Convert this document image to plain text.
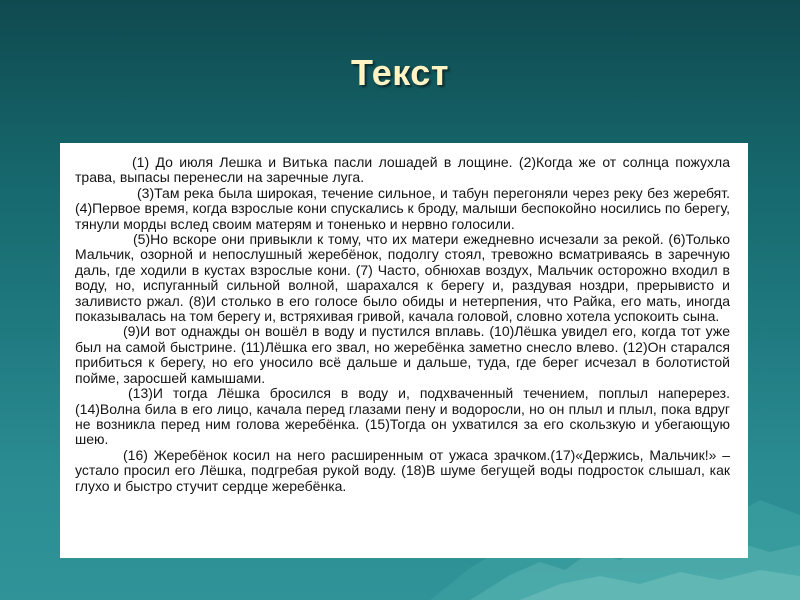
Текст

(1) До июля Лешка и Витька пасли лошадей в лощине. (2)Когда же от солнца пожухла трава, выпасы перенесли на заречные луга.

(3)Там река была широкая, течение сильное, и табун перегоняли через реку без жеребят. (4)Первое время, когда взрослые кони спускались к броду, малыши беспокойно носились по берегу, тянули морды вслед своим матерям и тоненько и нервно голосили.

(5)Но вскоре они привыкли к тому, что их матери ежедневно исчезали за рекой. (6)Только Мальчик, озорной и непослушный жеребёнок, подолгу стоял, тревожно всматриваясь в заречную даль, где ходили в кустах взрослые кони. (7) Часто, обнюхав воздух, Мальчик осторожно входил в воду, но, испуганный сильной волной, шарахался к берегу и, раздувая ноздри, прерывисто и заливисто ржал. (8)И столько в его голосе было обиды и нетерпения, что Райка, его мать, иногда показывалась на том берегу и, встряхивая гривой, качала головой, словно хотела успокоить сына.

(9)И вот однажды он вошёл в воду и пустился вплавь. (10)Лёшка увидел его, когда тот уже был на самой быстрине. (11)Лёшка его звал, но жеребёнка заметно снесло влево. (12)Он старался прибиться к берегу, но его уносило всё дальше и дальше, туда, где берег исчезал в болотистой пойме, заросшей камышами.

(13)И тогда Лёшка бросился в воду и, подхваченный течением, поплыл наперерез. (14)Волна била в его лицо, качала перед глазами пену и водоросли, но он плыл и плыл, пока вдруг не возникла перед ним голова жеребёнка. (15)Тогда он ухватился за его скользкую и убегающую шею.

(16) Жеребёнок косил на него расширенным от ужаса зрачком.(17)«Держись, Мальчик!» – устало просил его Лёшка, подгребая рукой воду. (18)В шуме бегущей воды подросток слышал, как глухо и быстро стучит сердце жеребёнка.
